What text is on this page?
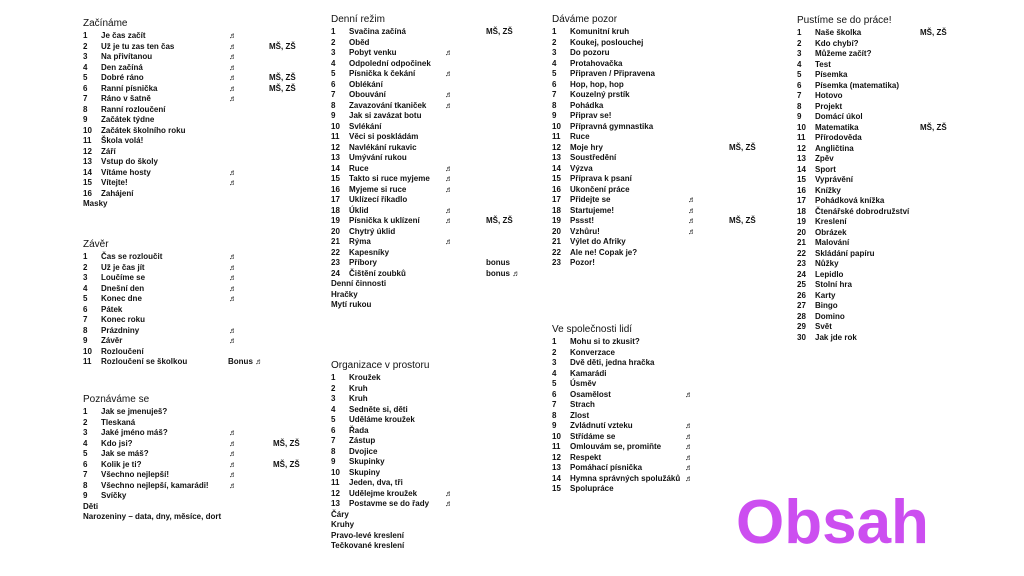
Začínáme
1 Je čas začít	♬
2 Už je tu zas ten čas	♬	MŠ, ZŠ
3 Na přivítanou	♬
4 Den začíná	♬
5 Dobré ráno	♬	MŠ, ZŠ
6 Ranní písnička	♬	MŠ, ZŠ
7 Ráno v šatně	♬
8 Ranní rozloučení
9 Začátek týdne
10 Začátek školního roku
11 Škola volá!
12 Září
13 Vstup do školy
14 Vítáme hosty	♬
15 Vítejte!	♬
16 Zahájení
Masky
Závěr
1 Čas se rozloučit	♬
2 Už je čas jít	♬
3 Loučíme se	♬
4 Dnešní den	♬
5 Konec dne	♬
6 Pátek
7 Konec roku
8 Prázdniny	♬
9 Závěr	♬
10 Rozloučení
11 Rozloučení se školkou	Bonus ♬
Poznáváme se
1 Jak se jmenuješ?
2 Tleskaná
3 Jaké jméno máš?	♬
4 Kdo jsi?	♬	MŠ, ZŠ
5 Jak se máš?	♬
6 Kolik je ti?	♬	MŠ, ZŠ
7 Všechno nejlepší!	♬
8 Všechno nejlepší, kamarádi!	♬
9 Svíčky
Děti
Narozeniny – data, dny, měsíce, dort
Denní režim
1 Svačina začíná	MŠ, ZŠ
2 Oběd
3 Pobyt venku	♬
4 Odpolední odpočinek
5 Písnička k čekání	♬
6 Oblékání
7 Obouvání	♬
8 Zavazování tkaniček ♬
9 Jak si zavázat botu
10 Svlékání
11 Věci si poskládám
12 Navlékání rukavic
13 Umývání rukou
14 Ruce	♬
15 Takto si ruce myjeme ♬
16 Myjeme si ruce	♬
17 Uklízecí říkadlo
18 Úklid	♬
19 Písnička k uklízení	♬	MŠ, ZŠ
20 Chytrý úklid
21 Rýma	♬
22 Kapesníky
23 Příbory	bonus
24 Čištění zoubků	bonus ♬
Denní činnosti
Hračky
Mytí rukou
Organizace v prostoru
1 Kroužek
2 Kruh
3 Kruh
4 Sedněte si, děti
5 Uděláme kroužek
6 Řada
7 Zástup
8 Dvojice
9 Skupinky
10 Skupiny
11 Jeden, dva, tři
12 Udělejme kroužek	♬
13 Postavme se do řady ♬
Čáry
Kruhy
Pravo-levé kreslení
Tečkované kreslení
Dáváme pozor
1 Komunitní kruh
2 Koukej, poslouchej
3 Do pozoru
4 Protahovačka
5 Připraven / Připravena
6 Hop, hop, hop
7 Kouzelný prstík
8 Pohádka
9 Připrav se!
10 Přípravná gymnastika
11 Ruce
12 Moje hry	MŠ, ZŠ
13 Soustředění
14 Výzva
15 Příprava k psaní
16 Ukončení práce
17 Přidejte se	♬
18 Startujeme!	♬
19 Pssst!	♬	MŠ, ZŠ
20 Vzhůru!	♬
21 Výlet do Afriky
22 Ale ne! Copak je?
23 Pozor!
Ve společnosti lidí
1 Mohu si to zkusit?
2 Konverzace
3 Dvě děti, jedna hračka
4 Kamarádi
5 Úsměv
6 Osamělost	♬
7 Strach
8 Zlost
9 Zvládnutí vzteku	♬
10 Střídáme se	♬
11 Omlouvám se, promiňte	♬
12 Respekt	♬
13 Pomáhací písnička	♬
14 Hymna správných spolužáků ♬
15 Spolupráce
Pustíme se do práce!
1 Naše školka	MŠ, ZŠ
2 Kdo chybí?
3 Můžeme začít?
4 Test
5 Písemka
6 Písemka (matematika)
7 Hotovo
8 Projekt
9 Domácí úkol
10 Matematika	MŠ, ZŠ
11 Přírodověda
12 Angličtina
13 Zpěv
14 Sport
15 Vyprávění
16 Knížky
17 Pohádková knížka
18 Čtenářské dobrodružství
19 Kreslení
20 Obrázek
21 Malování
22 Skládání papíru
23 Nůžky
24 Lepidlo
25 Stolní hra
26 Karty
27 Bingo
28 Domino
29 Svět
30 Jak jde rok
Obsah
